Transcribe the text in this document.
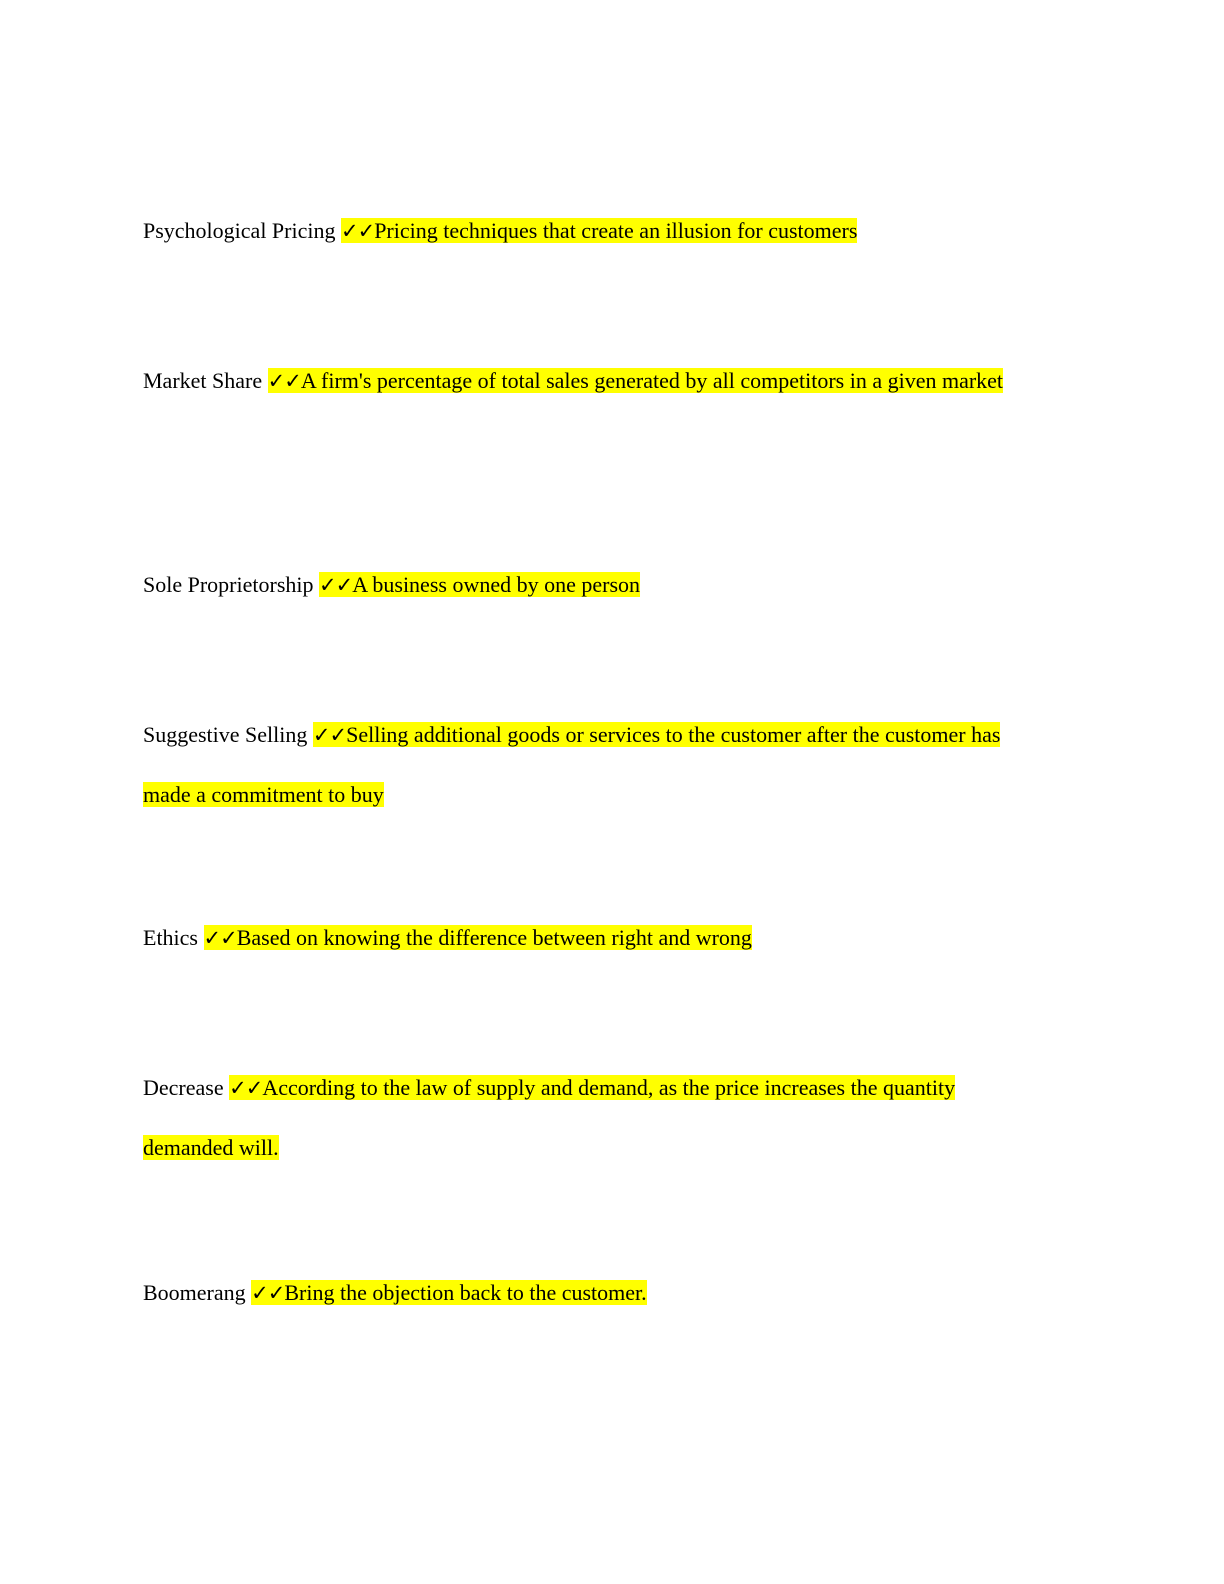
Psychological Pricing ✓✓Pricing techniques that create an illusion for customers

Market Share ✓✓A firm's percentage of total sales generated by all competitors in a given market

Sole Proprietorship ✓✓A business owned by one person

Suggestive Selling ✓✓Selling additional goods or services to the customer after the customer has made a commitment to buy

Ethics ✓✓Based on knowing the difference between right and wrong

Decrease ✓✓According to the law of supply and demand, as the price increases the quantity demanded will.

Boomerang ✓✓Bring the objection back to the customer.
